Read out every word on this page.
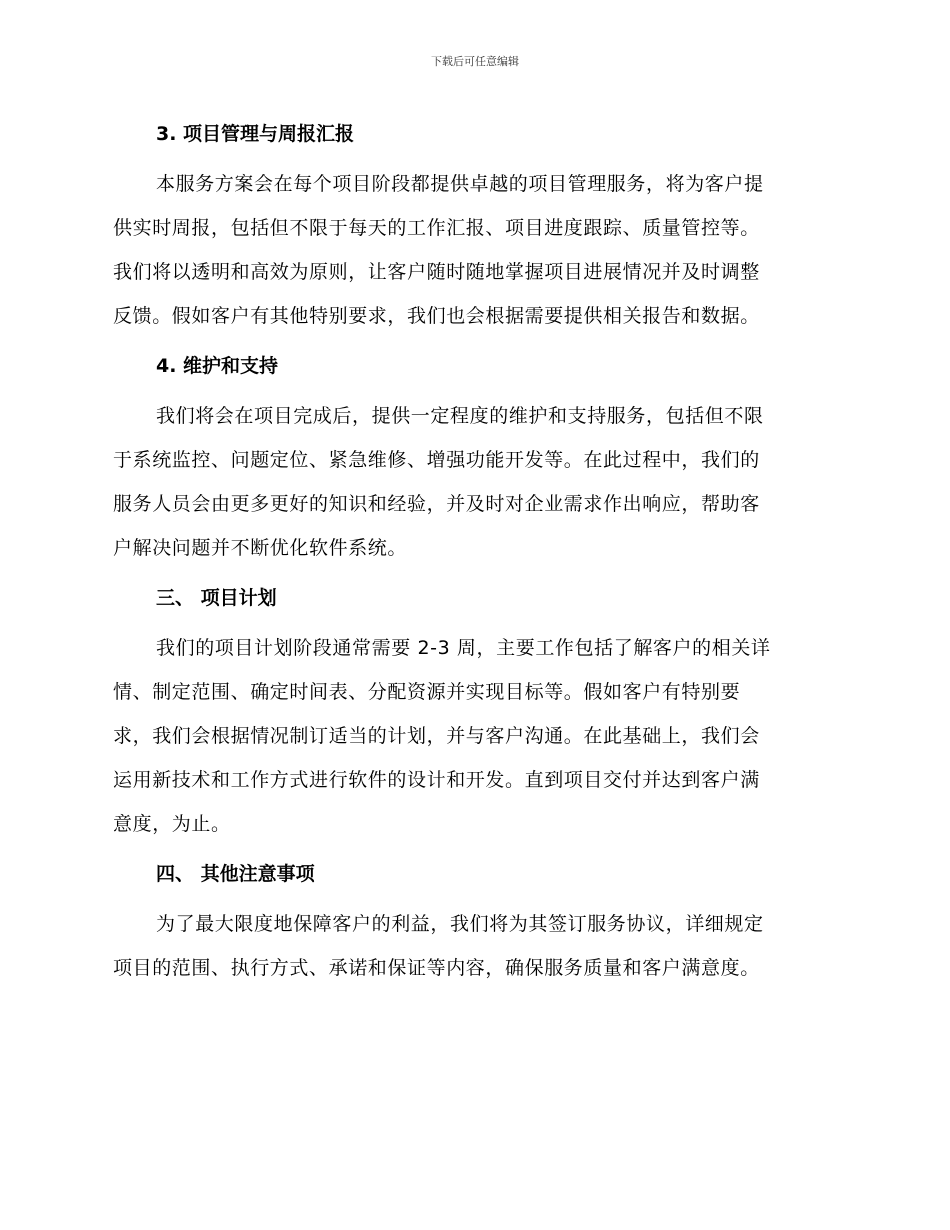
下载后可任意编辑
3. 项目管理与周报汇报

本服务方案会在每个项目阶段都提供卓越的项目管理服务，将为客户提
供实时周报，包括但不限于每天的工作汇报、项目进度跟踪、质量管控等。
我们将以透明和高效为原则，让客户随时随地掌握项目进展情况并及时调整
反馈。假如客户有其他特别要求，我们也会根据需要提供相关报告和数据。

4. 维护和支持

我们将会在项目完成后，提供一定程度的维护和支持服务，包括但不限
于系统监控、问题定位、紧急维修、增强功能开发等。在此过程中，我们的
服务人员会由更多更好的知识和经验，并及时对企业需求作出响应，帮助客
户解决问题并不断优化软件系统。

三、 项目计划

我们的项目计划阶段通常需要 2-3 周，主要工作包括了解客户的相关详
情、制定范围、确定时间表、分配资源并实现目标等。假如客户有特别要
求，我们会根据情况制订适当的计划，并与客户沟通。在此基础上，我们会
运用新技术和工作方式进行软件的设计和开发。直到项目交付并达到客户满
意度，为止。

四、 其他注意事项

为了最大限度地保障客户的利益，我们将为其签订服务协议，详细规定
项目的范围、执行方式、承诺和保证等内容，确保服务质量和客户满意度。
